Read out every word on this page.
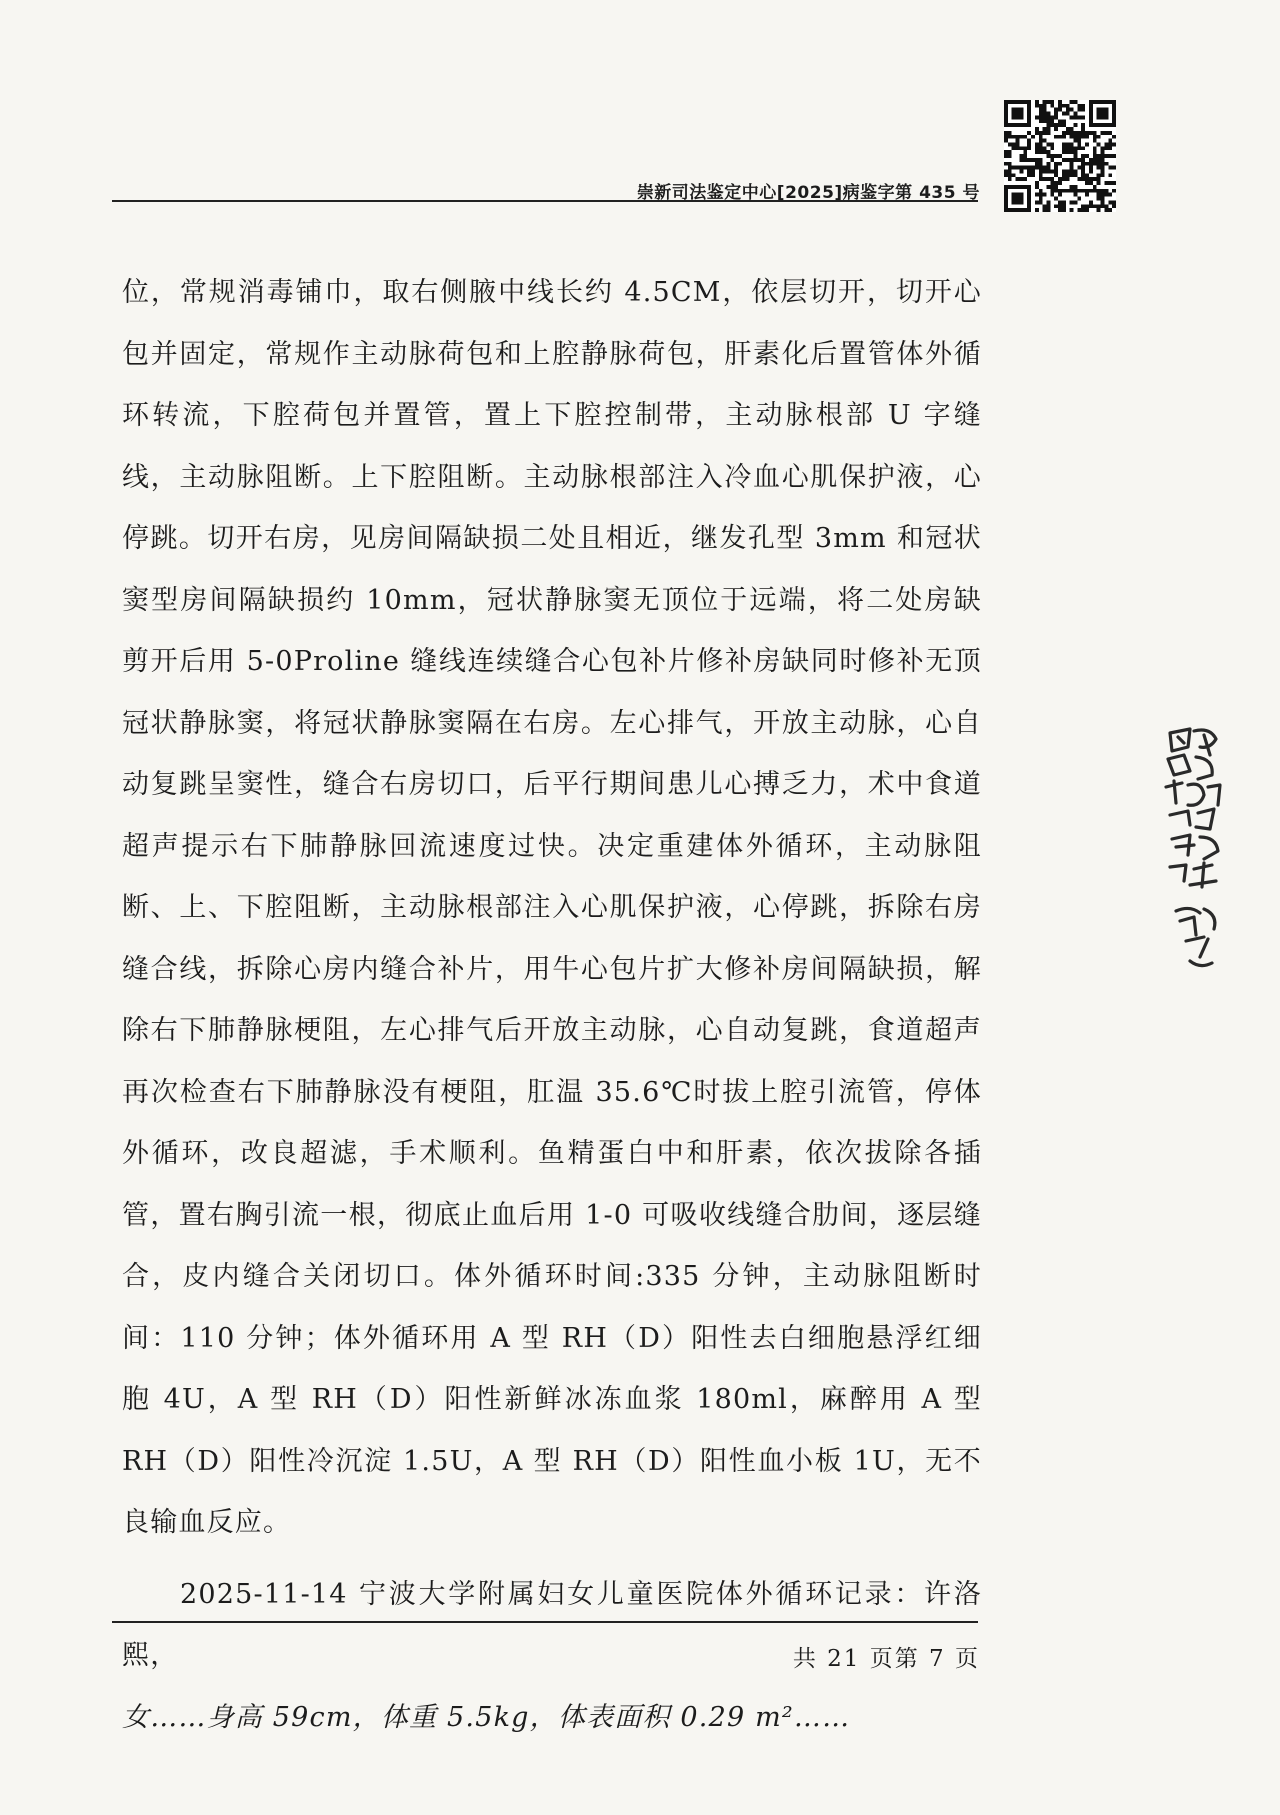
崇新司法鉴定中心[2025]病鉴字第 435 号

位，常规消毒铺巾，取右侧腋中线长约 4.5CM，依层切开，切开心包并固定，常规作主动脉荷包和上腔静脉荷包，肝素化后置管体外循环转流，下腔荷包并置管，置上下腔控制带，主动脉根部 U 字缝线，主动脉阻断。上下腔阻断。主动脉根部注入冷血心肌保护液，心停跳。切开右房，见房间隔缺损二处且相近，继发孔型 3mm 和冠状窦型房间隔缺损约 10mm，冠状静脉窦无顶位于远端，将二处房缺剪开后用 5-0Proline 缝线连续缝合心包补片修补房缺同时修补无顶冠状静脉窦，将冠状静脉窦隔在右房。左心排气，开放主动脉，心自动复跳呈窦性，缝合右房切口，后平行期间患儿心搏乏力，术中食道超声提示右下肺静脉回流速度过快。决定重建体外循环，主动脉阻断、上、下腔阻断，主动脉根部注入心肌保护液，心停跳，拆除右房缝合线，拆除心房内缝合补片，用牛心包片扩大修补房间隔缺损，解除右下肺静脉梗阻，左心排气后开放主动脉，心自动复跳，食道超声再次检查右下肺静脉没有梗阻，肛温 35.6℃时拔上腔引流管，停体外循环，改良超滤，手术顺利。鱼精蛋白中和肝素，依次拔除各插管，置右胸引流一根，彻底止血后用 1-0 可吸收线缝合肋间，逐层缝合，皮内缝合关闭切口。体外循环时间:335 分钟，主动脉阻断时间：110 分钟；体外循环用 A 型 RH（D）阳性去白细胞悬浮红细胞 4U，A 型 RH（D）阳性新鲜冰冻血浆 180ml，麻醉用 A 型 RH（D）阳性冷沉淀 1.5U，A 型 RH（D）阳性血小板 1U，无不良输血反应。

2025-11-14 宁波大学附属妇女儿童医院体外循环记录：许洛熙，

女……身高 59cm，体重 5.5kg，体表面积 0.29 m²……

共 21 页第 7 页
